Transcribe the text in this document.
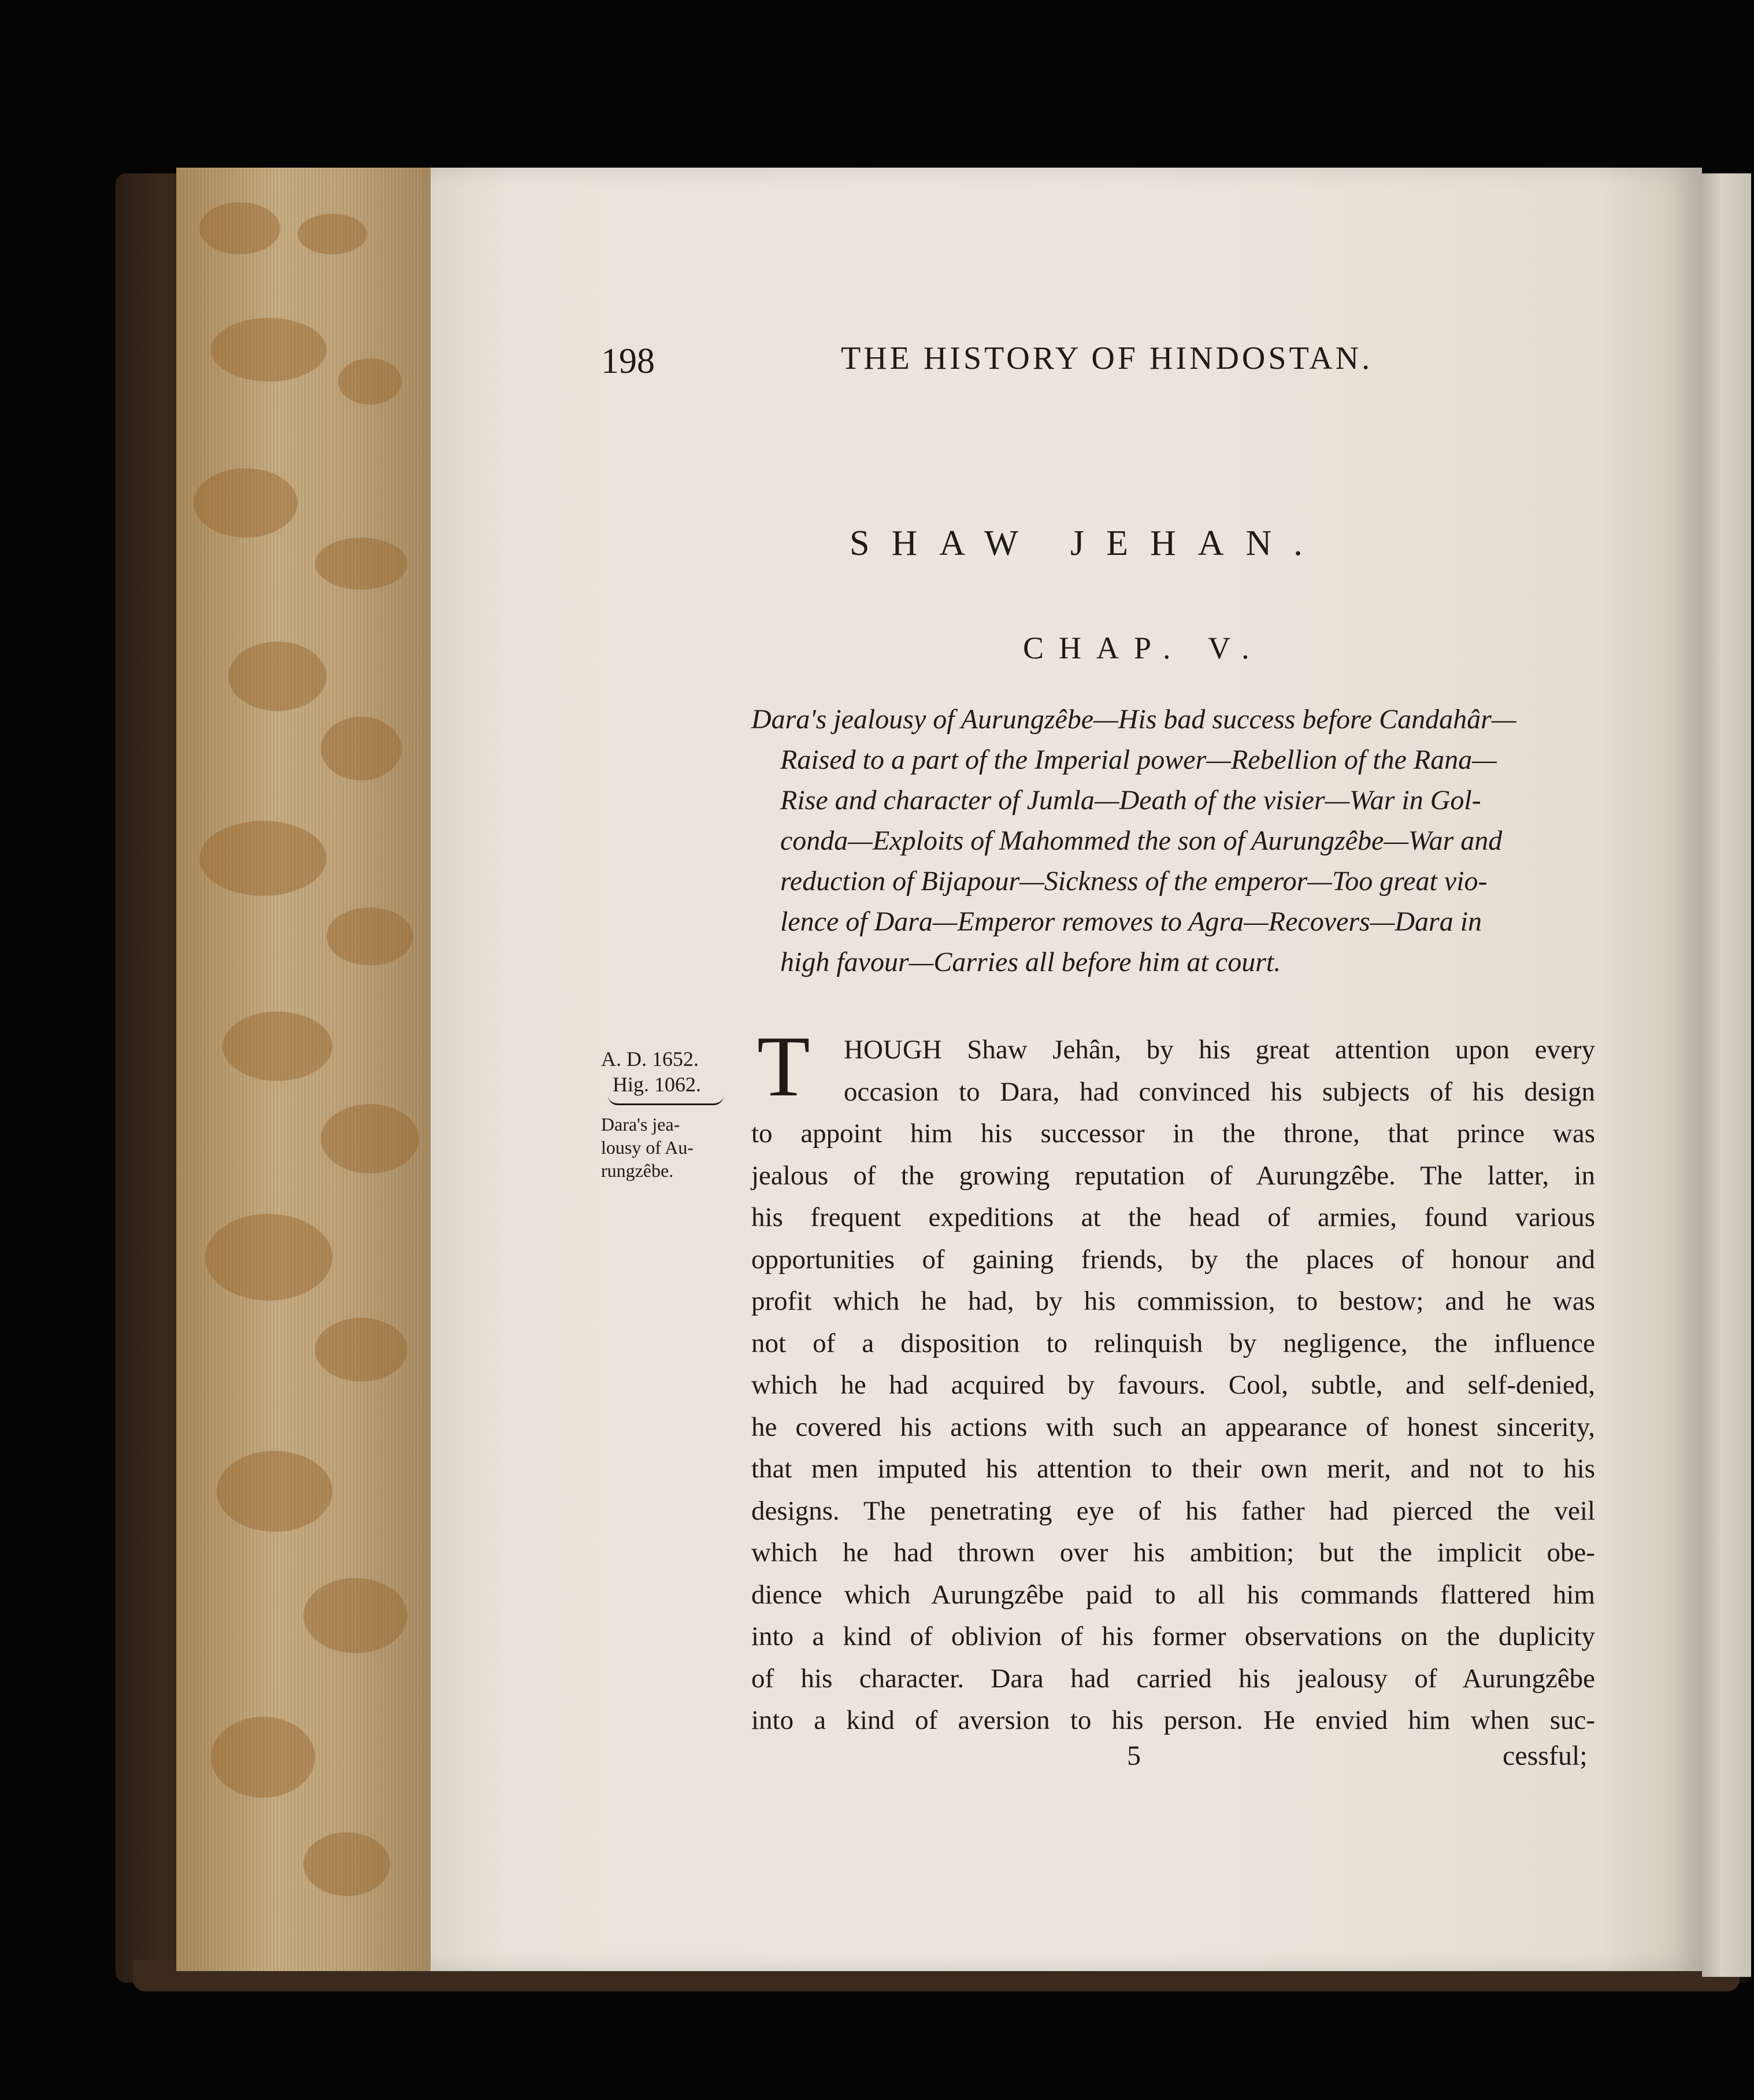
198	THE HISTORY OF HINDOSTAN.
SHAW JEHAN.
CHAP. V.
Dara's jealousy of Aurungzêbe—His bad success before Candahâr—
Raised to a part of the Imperial power—Rebellion of the Rana—
Rise and character of Jumla—Death of the visier—War in Gol-
conda—Exploits of Mahommed the son of Aurungzêbe—War and
reduction of Bijapour—Sickness of the emperor—Too great vio-
lence of Dara—Emperor removes to Agra—Recovers—Dara in
high favour—Carries all before him at court.
A. D. 1652.
Hig. 1062.
Dara's jea-
lousy of Au-
rungzêbe.
T	HOUGH Shaw Jehân, by his great attention upon every
occasion to Dara, had convinced his subjects of his design
to appoint him his successor in the throne, that prince was
jealous of the growing reputation of Aurungzêbe. The latter, in
his frequent expeditions at the head of armies, found various
opportunities of gaining friends, by the places of honour and
profit which he had, by his commission, to bestow; and he was
not of a disposition to relinquish by negligence, the influence
which he had acquired by favours. Cool, subtle, and self-denied,
he covered his actions with such an appearance of honest sincerity,
that men imputed his attention to their own merit, and not to his
designs. The penetrating eye of his father had pierced the veil
which he had thrown over his ambition; but the implicit obe-
dience which Aurungzêbe paid to all his commands flattered him
into a kind of oblivion of his former observations on the duplicity
of his character. Dara had carried his jealousy of Aurungzêbe
into a kind of aversion to his person. He envied him when suc-
5	cessful;
